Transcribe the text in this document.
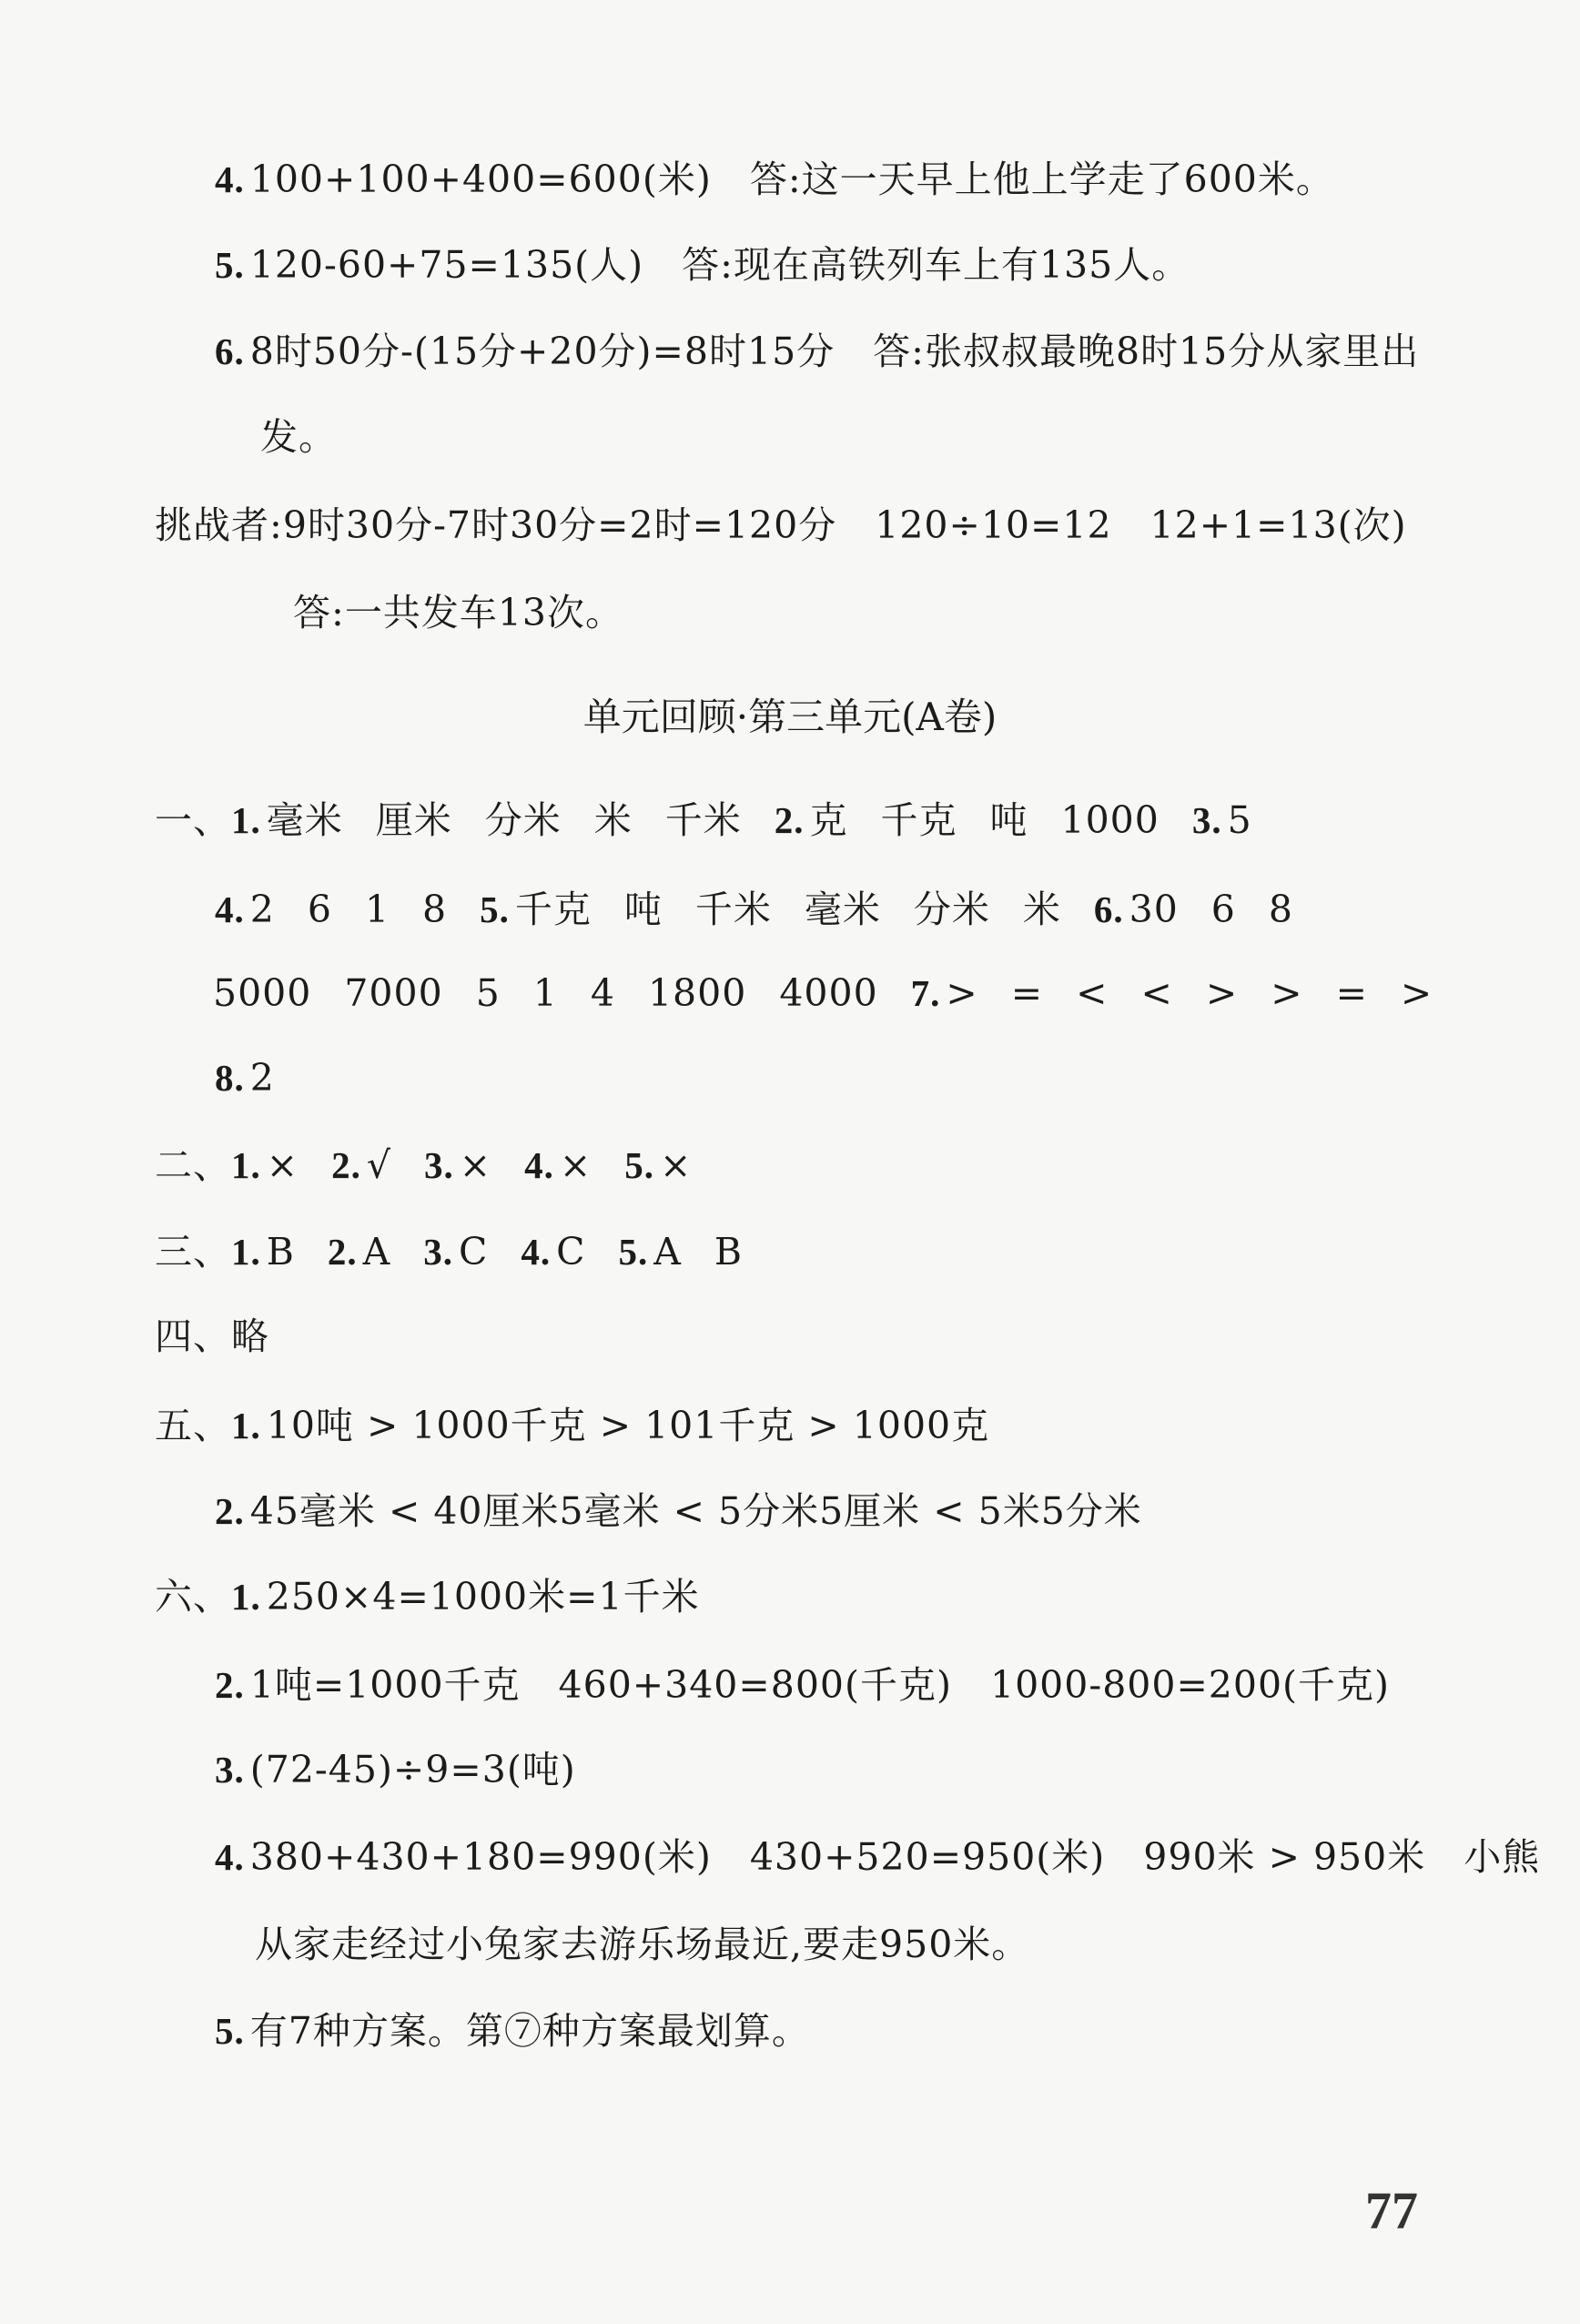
4. 100+100+400=600(米)　答:这一天早上他上学走了600米。
5. 120-60+75=135(人)　答:现在高铁列车上有135人。
6. 8时50分-(15分+20分)=8时15分　答:张叔叔最晚8时15分从家里出
发。
挑战者:9时30分-7时30分=2时=120分　120÷10=12　12+1=13(次)
答:一共发车13次。
单元回顾·第三单元(A卷)
一、1. 毫米 厘米 分米 米 千米 2. 克 千克 吨 1000 3. 5
4. 2 6 1 8 5. 千克 吨 千米 毫米 分米 米 6. 30 6 8
5000 7000 5 1 4 1800 4000 7. > = < < > > = >
8. 2
二、1. × 2. √ 3. × 4. × 5. ×
三、1. B 2. A 3. C 4. C 5. A B
四、略
五、1. 10吨 > 1000千克 > 101千克 > 1000克
2. 45毫米 < 40厘米5毫米 < 5分米5厘米 < 5米5分米
六、1. 250×4=1000米=1千米
2. 1吨=1000千克　460+340=800(千克)　1000-800=200(千克)
3. (72-45)÷9=3(吨)
4. 380+430+180=990(米)　430+520=950(米)　990米 > 950米　小熊
从家走经过小兔家去游乐场最近,要走950米。
5. 有7种方案。第⑦种方案最划算。
77
